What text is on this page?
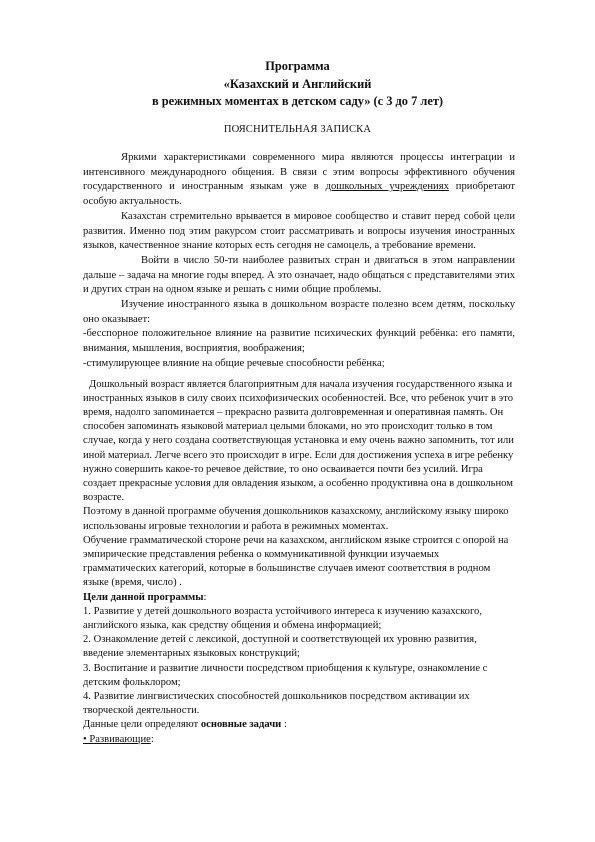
Программа
«Казахский и Английский
в режимных моментах в детском саду» (с 3 до 7 лет)
ПОЯСНИТЕЛЬНАЯ ЗАПИСКА

Яркими характеристиками современного мира являются процессы интеграции и интенсивного международного общения. В связи с этим вопросы эффективного обучения государственного и иностранным языкам уже в дошкольных учреждениях приобретают особую актуальность.

Казахстан стремительно врывается в мировое сообщество и ставит перед собой цели развития. Именно под этим ракурсом стоит рассматривать и вопросы изучения иностранных языков, качественное знание которых есть сегодня не самоцель, а требование времени.

Войти в число 50-ти наиболее развитых стран и двигаться в этом направлении дальше – задача на многие годы вперед. А это означает, надо общаться с представителями этих и других стран на одном языке и решать с ними общие проблемы.

Изучение иностранного языка в дошкольном возрасте полезно всем детям, поскольку оно оказывает:

-бесспорное положительное влияние на развитие психических функций ребёнка: его памяти, внимания, мышления, восприятия, воображения;

-стимулирующее влияние на общие речевые способности ребёнка;

Дошкольный возраст является благоприятным для начала изучения государственного языка и иностранных языков в силу своих психофизических особенностей. Все, что ребенок учит в это время, надолго запоминается – прекрасно развита долговременная и оперативная память. Он способен запоминать языковой материал целыми блоками, но это происходит только в том случае, когда у него создана соответствующая установка и ему очень важно запомнить, тот или иной материал. Легче всего это происходит в игре. Если для достижения успеха в игре ребенку нужно совершить какое-то речевое действие, то оно осваивается почти без усилий. Игра создает прекрасные условия для овладения языком, а особенно продуктивна она в дошкольном возрасте.

Поэтому в данной программе обучения дошкольников казахскому, английскому языку широко использованы игровые технологии и работа в режимных моментах.

Обучение грамматической стороне речи на казахском, английском языке строится с опорой на эмпирические представления ребенка о коммуникативной функции изучаемых грамматических категорий, которые в большинстве случаев имеют соответствия в родном языке (время, число) .

Цели данной программы:

1. Развитие у детей дошкольного возраста устойчивого интереса к изучению казахского, английского языка, как средству общения и обмена информацией;

2. Ознакомление детей с лексикой, доступной и соответствующей их уровню развития, введение элементарных языковых конструкций;

3. Воспитание и развитие личности посредством приобщения к культуре, ознакомление с детским фольклором;

4. Развитие лингвистических способностей дошкольников посредством активации их творческой деятельности.

Данные цели определяют основные задачи :

• Развивающие:
